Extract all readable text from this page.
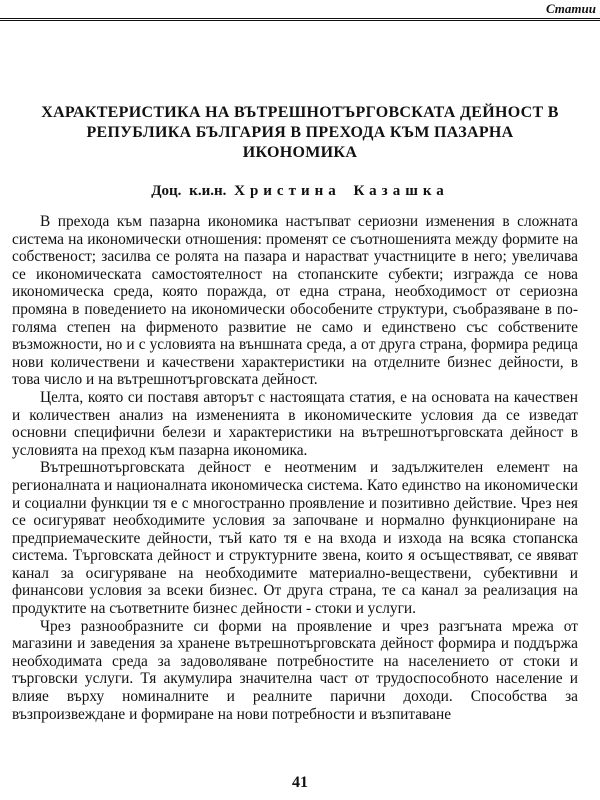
Статии
ХАРАКТЕРИСТИКА НА ВЪТРЕШНОТЪРГОВСКАТА ДЕЙНОСТ В РЕПУБЛИКА БЪЛГАРИЯ В ПРЕХОДА КЪМ ПАЗАРНА ИКОНОМИКА
Доц. к.и.н. Христина Казашка

В прехода към пазарна икономика настъпват сериозни изменения в сложната система на икономически отношения: променят се съотношенията между формите на собственост; засилва се ролята на пазара и нарастват участниците в него; увеличава се икономическата самостоятелност на стопанските субекти; изгражда се нова икономическа среда, която поражда, от една страна, необходимост от сериозна промяна в поведението на икономически обособените структури, съобразяване в по-голяма степен на фирменото развитие не само и единствено със собствените възможности, но и с условията на външната среда, а от друга страна, формира редица нови количествени и качествени характеристики на отделните бизнес дейности, в това число и на вътрешнотърговската дейност.

Целта, която си поставя авторът с настоящата статия, е на основата на качествен и количествен анализ на измененията в икономическите условия да се изведат основни специфични белези и характеристики на вътрешнотърговската дейност в условията на преход към пазарна икономика.

Вътрешнотърговската дейност е неотменим и задължителен елемент на регионалната и националната икономическа система. Като единство на икономически и социални функции тя е с многостранно проявление и позитивно действие. Чрез нея се осигуряват необходимите условия за започване и нормално функциониране на предприемаческите дейности, тъй като тя е на входа и изхода на всяка стопанска система. Търговската дейност и структурните звена, които я осъществяват, се явяват канал за осигуряване на необходимите материално-веществени, субективни и финансови условия за всеки бизнес. От друга страна, те са канал за реализация на продуктите на съответните бизнес дейности - стоки и услуги.

Чрез разнообразните си форми на проявление и чрез разгъната мрежа от магазини и заведения за хранене вътрешнотърговската дейност формира и поддържа необходимата среда за задоволяване потребностите на населението от стоки и търговски услуги. Тя акумулира значителна част от трудоспособното население и влияе върху номиналните и реалните парични доходи. Способства за възпроизвеждане и формиране на нови потребности и възпитаване

41
